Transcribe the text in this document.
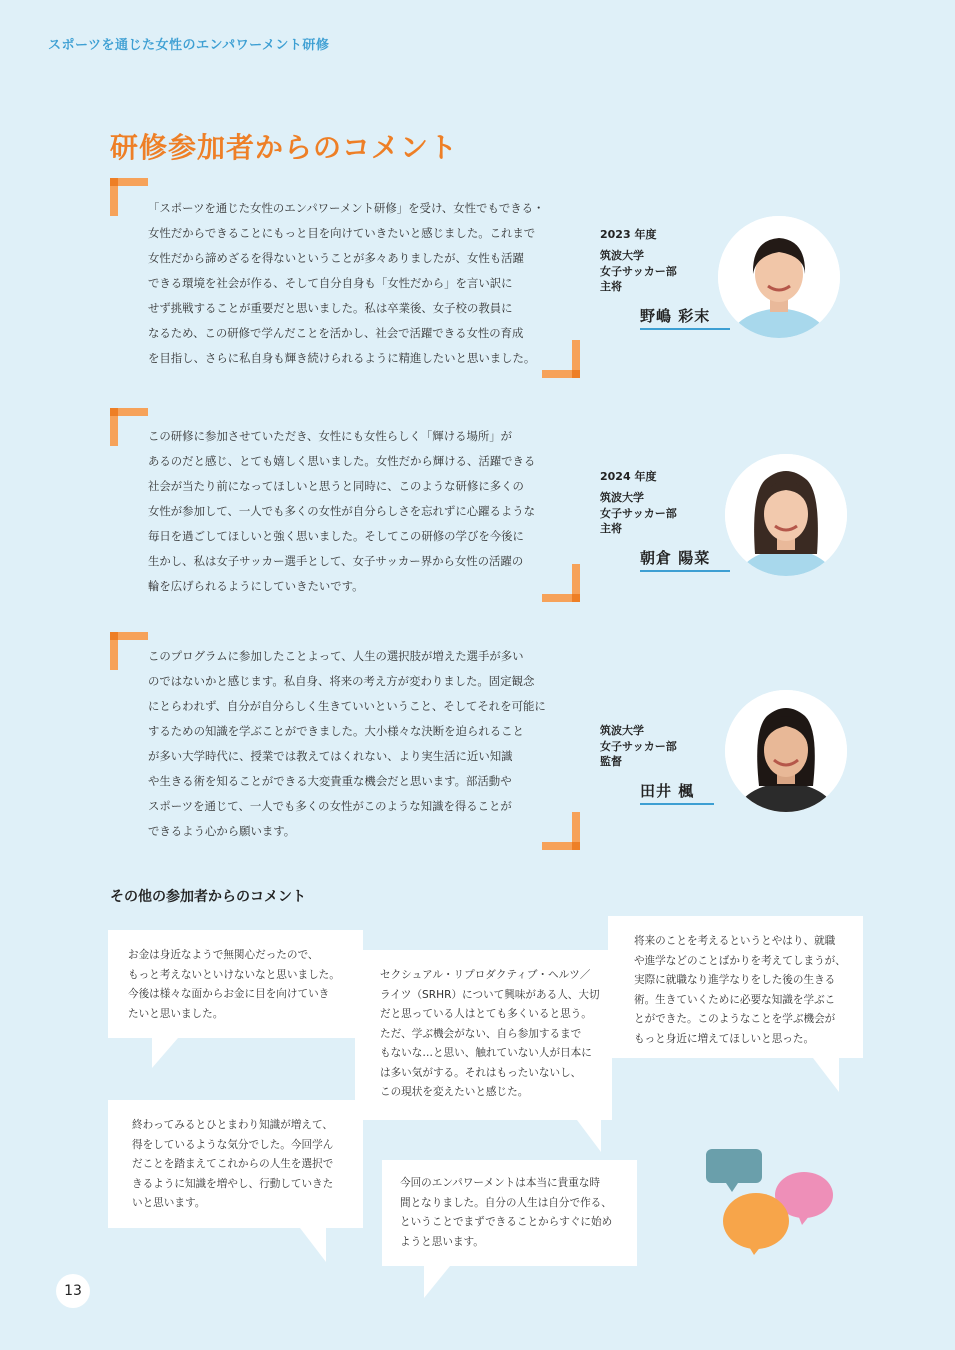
スポーツを通じた女性のエンパワーメント研修
研修参加者からのコメント
「スポーツを通じた女性のエンパワーメント研修」を受け、女性でもできる・
女性だからできることにもっと目を向けていきたいと感じました。これまで
女性だから諦めざるを得ないということが多々ありましたが、女性も活躍
できる環境を社会が作る、そして自分自身も「女性だから」を言い訳に
せず挑戦することが重要だと思いました。私は卒業後、女子校の教員に
なるため、この研修で学んだことを活かし、社会で活躍できる女性の育成
を目指し、さらに私自身も輝き続けられるように精進したいと思いました。
2023 年度
筑波大学
女子サッカー部
主将
野嶋 彩末
この研修に参加させていただき、女性にも女性らしく「輝ける場所」が
あるのだと感じ、とても嬉しく思いました。女性だから輝ける、活躍できる
社会が当たり前になってほしいと思うと同時に、このような研修に多くの
女性が参加して、一人でも多くの女性が自分らしさを忘れずに心躍るような
毎日を過ごしてほしいと強く思いました。そしてこの研修の学びを今後に
生かし、私は女子サッカー選手として、女子サッカー界から女性の活躍の
輪を広げられるようにしていきたいです。
2024 年度
筑波大学
女子サッカー部
主将
朝倉 陽菜
このプログラムに参加したことよって、人生の選択肢が増えた選手が多い
のではないかと感じます。私自身、将来の考え方が変わりました。固定観念
にとらわれず、自分が自分らしく生きていいということ、そしてそれを可能に
するための知識を学ぶことができました。大小様々な決断を迫られること
が多い大学時代に、授業では教えてはくれない、より実生活に近い知識
や生きる術を知ることができる大変貴重な機会だと思います。部活動や
スポーツを通じて、一人でも多くの女性がこのような知識を得ることが
できるよう心から願います。
筑波大学
女子サッカー部
監督
田井 楓
その他の参加者からのコメント
お金は身近なようで無関心だったので、
もっと考えないといけないなと思いました。
今後は様々な面からお金に目を向けていき
たいと思いました。
セクシュアル・リプロダクティブ・ヘルツ／
ライツ（SRHR）について興味がある人、大切
だと思っている人はとても多くいると思う。
ただ、学ぶ機会がない、自ら参加するまで
もないな…と思い、触れていない人が日本に
は多い気がする。それはもったいないし、
この現状を変えたいと感じた。
将来のことを考えるというとやはり、就職
や進学などのことばかりを考えてしまうが、
実際に就職なり進学なりをした後の生きる
術。生きていくために必要な知識を学ぶこ
とができた。このようなことを学ぶ機会が
もっと身近に増えてほしいと思った。
終わってみるとひとまわり知識が増えて、
得をしているような気分でした。今回学ん
だことを踏まえてこれからの人生を選択で
きるように知識を増やし、行動していきた
いと思います。
今回のエンパワーメントは本当に貴重な時
間となりました。自分の人生は自分で作る、
ということでまずできることからすぐに始め
ようと思います。
13
